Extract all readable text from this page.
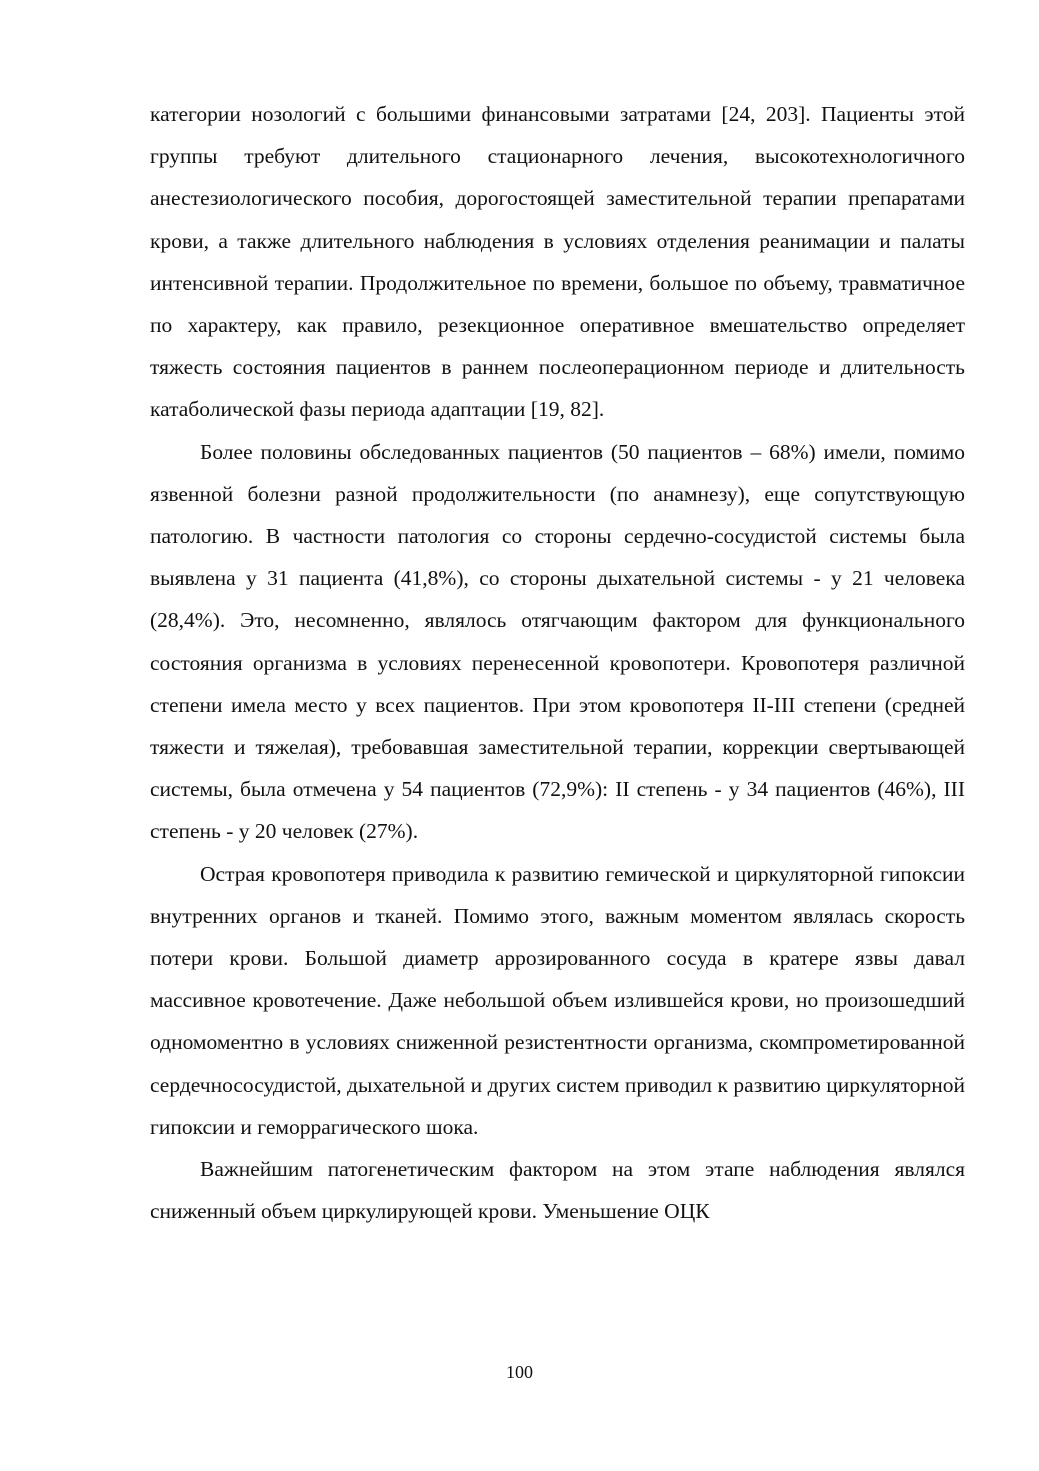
категории нозологий с большими финансовыми затратами [24, 203]. Пациенты этой группы требуют длительного стационарного лечения, высокотехнологичного анестезиологического пособия, дорогостоящей заместительной терапии препаратами крови, а также длительного наблюдения в условиях отделения реанимации и палаты интенсивной терапии. Продолжительное по времени, большое по объему, травматичное по характеру, как правило, резекционное оперативное вмешательство определяет тяжесть состояния пациентов в раннем послеоперационном периоде и длительность катаболической фазы периода адаптации [19, 82].

Более половины обследованных пациентов (50 пациентов – 68%) имели, помимо язвенной болезни разной продолжительности (по анамнезу), еще сопутствующую патологию. В частности патология со стороны сердечно-сосудистой системы была выявлена у 31 пациента (41,8%), со стороны дыхательной системы - у 21 человека (28,4%). Это, несомненно, являлось отягчающим фактором для функционального состояния организма в условиях перенесенной кровопотери. Кровопотеря различной степени имела место у всех пациентов. При этом кровопотеря II-III степени (средней тяжести и тяжелая), требовавшая заместительной терапии, коррекции свертывающей системы, была отмечена у 54 пациентов (72,9%): II степень - у 34 пациентов (46%), III степень - у 20 человек (27%).

Острая кровопотеря приводила к развитию гемической и циркуляторной гипоксии внутренних органов и тканей. Помимо этого, важным моментом являлась скорость потери крови. Большой диаметр аррозированного сосуда в кратере язвы давал массивное кровотечение. Даже небольшой объем излившейся крови, но произошедший одномоментно в условиях сниженной резистентности организма, скомпрометированной сердечнососудистой, дыхательной и других систем приводил к развитию циркуляторной гипоксии и геморрагического шока.

Важнейшим патогенетическим фактором на этом этапе наблюдения являлся сниженный объем циркулирующей крови. Уменьшение ОЦК

100
